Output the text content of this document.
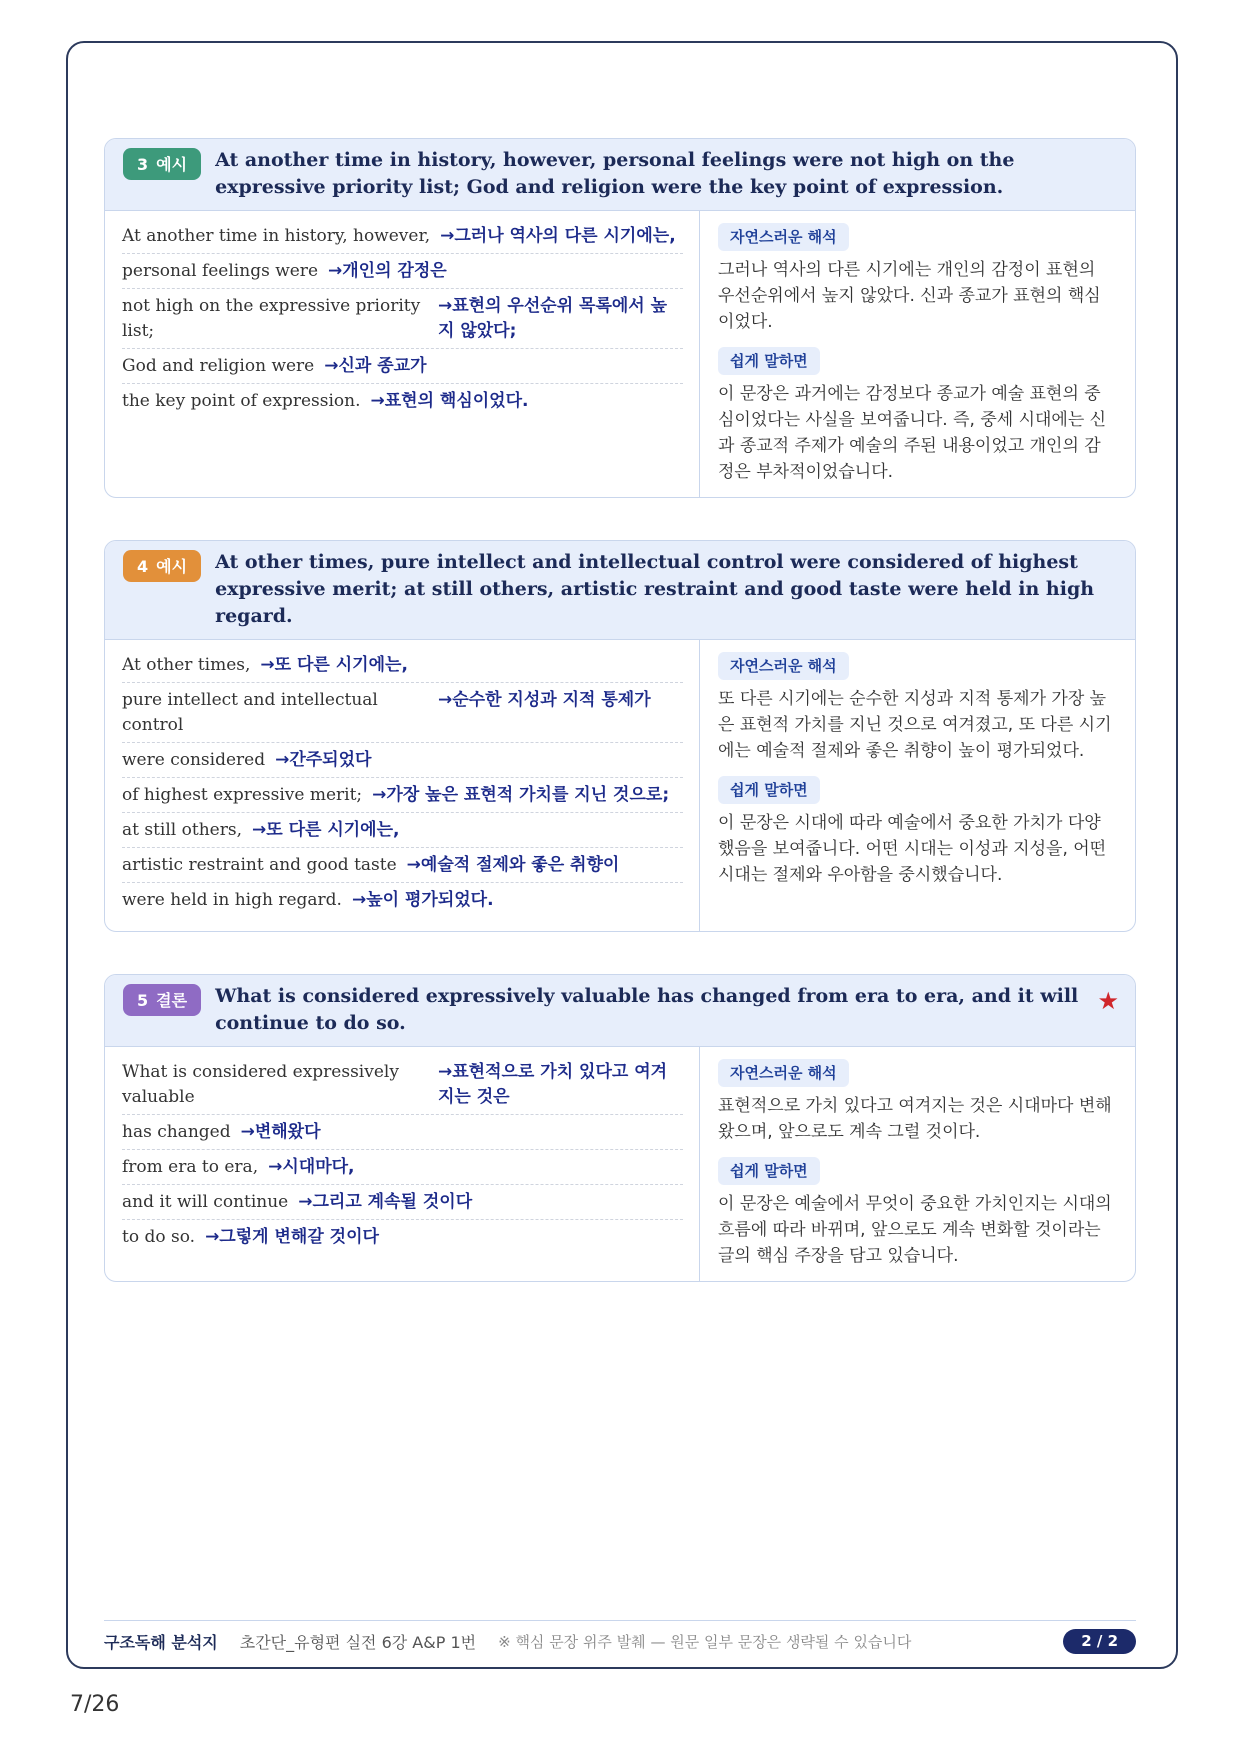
3 예시	At another time in history, however, personal feelings were not high on the expressive priority list; God and religion were the key point of expression.
At another time in history, however, →그러나 역사의 다른 시기에는,
personal feelings were →개인의 감정은
not high on the expressive priority list;
→표현의 우선순위 목록에서 높지 않았다;
God and religion were →신과 종교가
the key point of expression. →표현의 핵심이었다.
자연스러운 해석
그러나 역사의 다른 시기에는 개인의 감정이 표현의 우선순위에서 높지 않았다. 신과 종교가 표현의 핵심이었다.
쉽게 말하면
이 문장은 과거에는 감정보다 종교가 예술 표현의 중심이었다는 사실을 보여줍니다. 즉, 중세 시대에는 신과 종교적 주제가 예술의 주된 내용이었고 개인의 감정은 부차적이었습니다.
4 예시	At other times, pure intellect and intellectual control were considered of highest expressive merit; at still others, artistic restraint and good taste were held in high regard.
At other times, →또 다른 시기에는,
pure intellect and intellectual control
→순수한 지성과 지적 통제가
were considered →간주되었다
of highest expressive merit; →가장 높은 표현적 가치를 지닌 것으로;
at still others, →또 다른 시기에는,
artistic restraint and good taste →예술적 절제와 좋은 취향이
were held in high regard. →높이 평가되었다.
자연스러운 해석
또 다른 시기에는 순수한 지성과 지적 통제가 가장 높은 표현적 가치를 지닌 것으로 여겨졌고, 또 다른 시기에는 예술적 절제와 좋은 취향이 높이 평가되었다.
쉽게 말하면
이 문장은 시대에 따라 예술에서 중요한 가치가 다양했음을 보여줍니다. 어떤 시대는 이성과 지성을, 어떤 시대는 절제와 우아함을 중시했습니다.
5 결론	What is considered expressively valuable has changed from era to era, and it will continue to do so.
★
What is considered expressively valuable
→표현적으로 가치 있다고 여겨지는 것은
has changed →변해왔다
from era to era, →시대마다,
and it will continue →그리고 계속될 것이다
to do so. →그렇게 변해갈 것이다
자연스러운 해석
표현적으로 가치 있다고 여겨지는 것은 시대마다 변해왔으며, 앞으로도 계속 그럴 것이다.
쉽게 말하면
이 문장은 예술에서 무엇이 중요한 가치인지는 시대의 흐름에 따라 바뀌며, 앞으로도 계속 변화할 것이라는 글의 핵심 주장을 담고 있습니다.
구조독해 분석지 초간단_유형편 실전 6강 A&P 1번 ※ 핵심 문장 위주 발췌 — 원문 일부 문장은 생략될 수 있습니다	2 / 2
7/26
